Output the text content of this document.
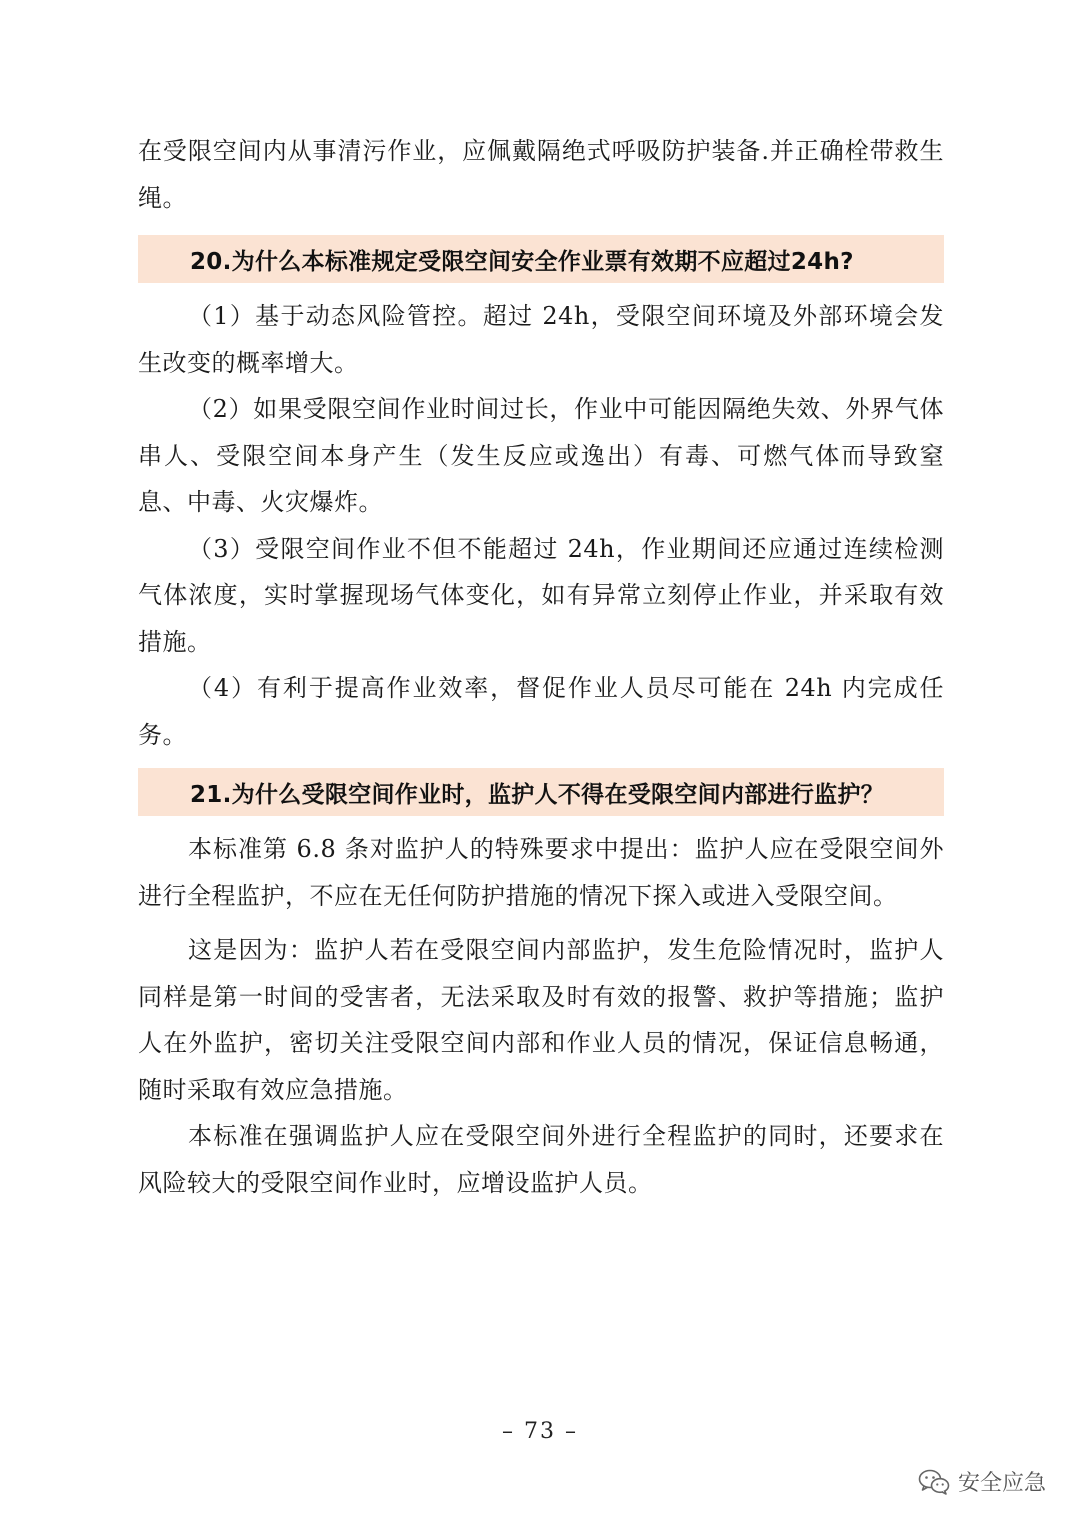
在受限空间内从事清污作业，应佩戴隔绝式呼吸防护装备.并正确栓带救生绳。

20.为什么本标准规定受限空间安全作业票有效期不应超过24h?

（1）基于动态风险管控。超过 24h，受限空间环境及外部环境会发生改变的概率增大。

（2）如果受限空间作业时间过长，作业中可能因隔绝失效、外界气体串人、受限空间本身产生（发生反应或逸出）有毒、可燃气体而导致窒息、中毒、火灾爆炸。

（3）受限空间作业不但不能超过 24h，作业期间还应通过连续检测气体浓度，实时掌握现场气体变化，如有异常立刻停止作业，并采取有效措施。

（4）有利于提高作业效率，督促作业人员尽可能在 24h 内完成任务。

21.为什么受限空间作业时，监护人不得在受限空间内部进行监护？

本标准第 6.8 条对监护人的特殊要求中提出：监护人应在受限空间外进行全程监护，不应在无任何防护措施的情况下探入或进入受限空间。

这是因为：监护人若在受限空间内部监护，发生危险情况时，监护人同样是第一时间的受害者，无法采取及时有效的报警、救护等措施；监护人在外监护，密切关注受限空间内部和作业人员的情况，保证信息畅通，随时采取有效应急措施。

本标准在强调监护人应在受限空间外进行全程监护的同时，还要求在风险较大的受限空间作业时，应增设监护人员。

– 73 –
安全应急
